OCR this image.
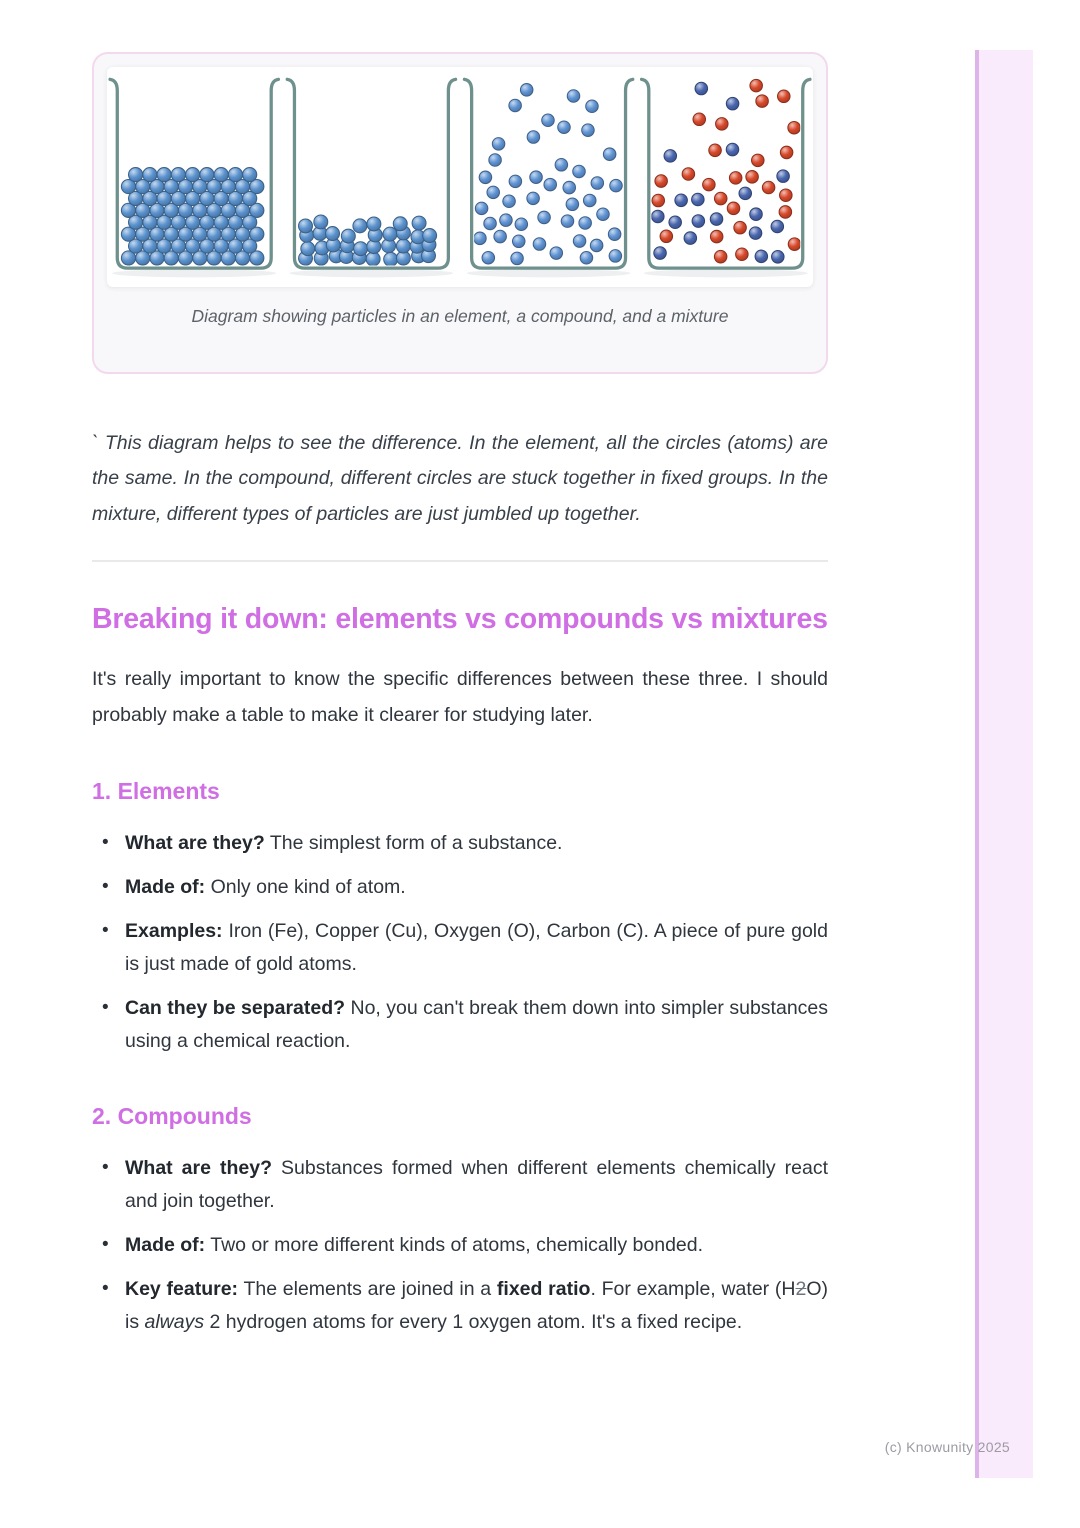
Diagram showing particles in an element, a compound, and a mixture

` This diagram helps to see the difference. In the element, all the circles (atoms) are the same. In the compound, different circles are stuck together in fixed groups. In the mixture, different types of particles are just jumbled up together.

Breaking it down: elements vs compounds vs mixtures

It's really important to know the specific differences between these three. I should probably make a table to make it clearer for studying later.

1. Elements
• What are they? The simplest form of a substance.
• Made of: Only one kind of atom.
• Examples: Iron (Fe), Copper (Cu), Oxygen (O), Carbon (C). A piece of pure gold is just made of gold atoms.
• Can they be separated? No, you can't break them down into simpler substances using a chemical reaction.
2. Compounds
• What are they? Substances formed when different elements chemically react and join together.
• Made of: Two or more different kinds of atoms, chemically bonded.
• Key feature: The elements are joined in a fixed ratio. For example, water (H2O) is always 2 hydrogen atoms for every 1 oxygen atom. It's a fixed recipe.
(c) Knowunity 2025
